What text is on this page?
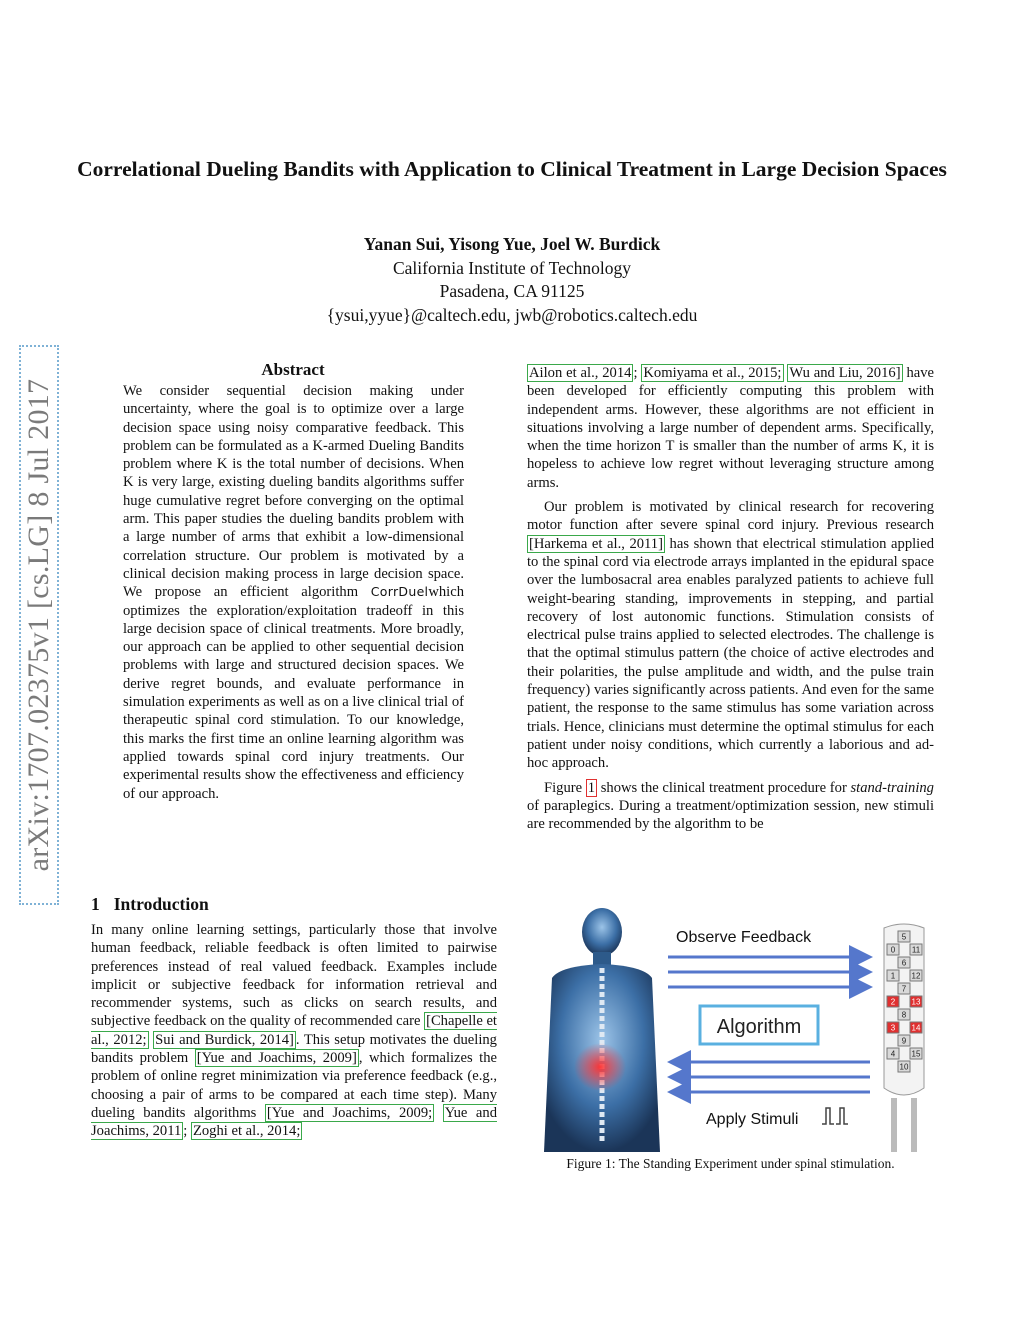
Correlational Dueling Bandits with Application to Clinical Treatment in Large Decision Spaces
Yanan Sui, Yisong Yue, Joel W. Burdick
California Institute of Technology
Pasadena, CA 91125
{ysui,yyue}@caltech.edu, jwb@robotics.caltech.edu
arXiv:1707.02375v1 [cs.LG] 8 Jul 2017
Abstract
We consider sequential decision making under uncertainty, where the goal is to optimize over a large decision space using noisy comparative feedback. This problem can be formulated as a K-armed Dueling Bandits problem where K is the total number of decisions. When K is very large, existing dueling bandits algorithms suffer huge cumulative regret before converging on the optimal arm. This paper studies the dueling bandits problem with a large number of arms that exhibit a low-dimensional correlation structure. Our problem is motivated by a clinical decision making process in large decision space. We propose an efficient algorithm CorrDuelwhich optimizes the exploration/exploitation tradeoff in this large decision space of clinical treatments. More broadly, our approach can be applied to other sequential decision problems with large and structured decision spaces. We derive regret bounds, and evaluate performance in simulation experiments as well as on a live clinical trial of therapeutic spinal cord stimulation. To our knowledge, this marks the first time an online learning algorithm was applied towards spinal cord injury treatments. Our experimental results show the effectiveness and efficiency of our approach.
1 Introduction
In many online learning settings, particularly those that involve human feedback, reliable feedback is often limited to pairwise preferences instead of real valued feedback. Examples include implicit or subjective feedback for information retrieval and recommender systems, such as clicks on search results, and subjective feedback on the quality of recommended care [Chapelle et al., 2012; Sui and Burdick, 2014] . This setup motivates the dueling bandits problem [Yue and Joachims, 2009] , which formalizes the problem of online regret minimization via preference feedback (e.g., choosing a pair of arms to be compared at each time step). Many dueling bandits algorithms [Yue and Joachims, 2009; Yue and Joachims, 2011 ; Zoghi et al., 2014;

Ailon et al., 2014 ; Komiyama et al., 2015; Wu and Liu, 2016] have been developed for efficiently computing this problem with independent arms. However, these algorithms are not efficient in situations involving a large number of dependent arms. Specifically, when the time horizon T is smaller than the number of arms K, it is hopeless to achieve low regret without leveraging structure among arms.

Our problem is motivated by clinical research for recovering motor function after severe spinal cord injury. Previous research [Harkema et al., 2011] has shown that electrical stimulation applied to the spinal cord via electrode arrays implanted in the epidural space over the lumbosacral area enables paralyzed patients to achieve full weight-bearing standing, improvements in stepping, and partial recovery of lost autonomic functions. Stimulation consists of electrical pulse trains applied to selected electrodes. The challenge is that the optimal stimulus pattern (the choice of active electrodes and their polarities, the pulse amplitude and width, and the pulse train frequency) varies significantly across patients. And even for the same patient, the response to the same stimulus has some variation across trials. Hence, clinicians must determine the optimal stimulus for each patient under noisy conditions, which currently a laborious and ad-hoc approach.

Figure 1 shows the clinical treatment procedure for stand-training of paraplegics. During a treatment/optimization session, new stimuli are recommended by the algorithm to be

Observe Feedback
Algorithm
Apply Stimuli
0
1
2
3
4
11
12
13
14
15
5
6
7
8
9
10
Figure 1: The Standing Experiment under spinal stimulation.
